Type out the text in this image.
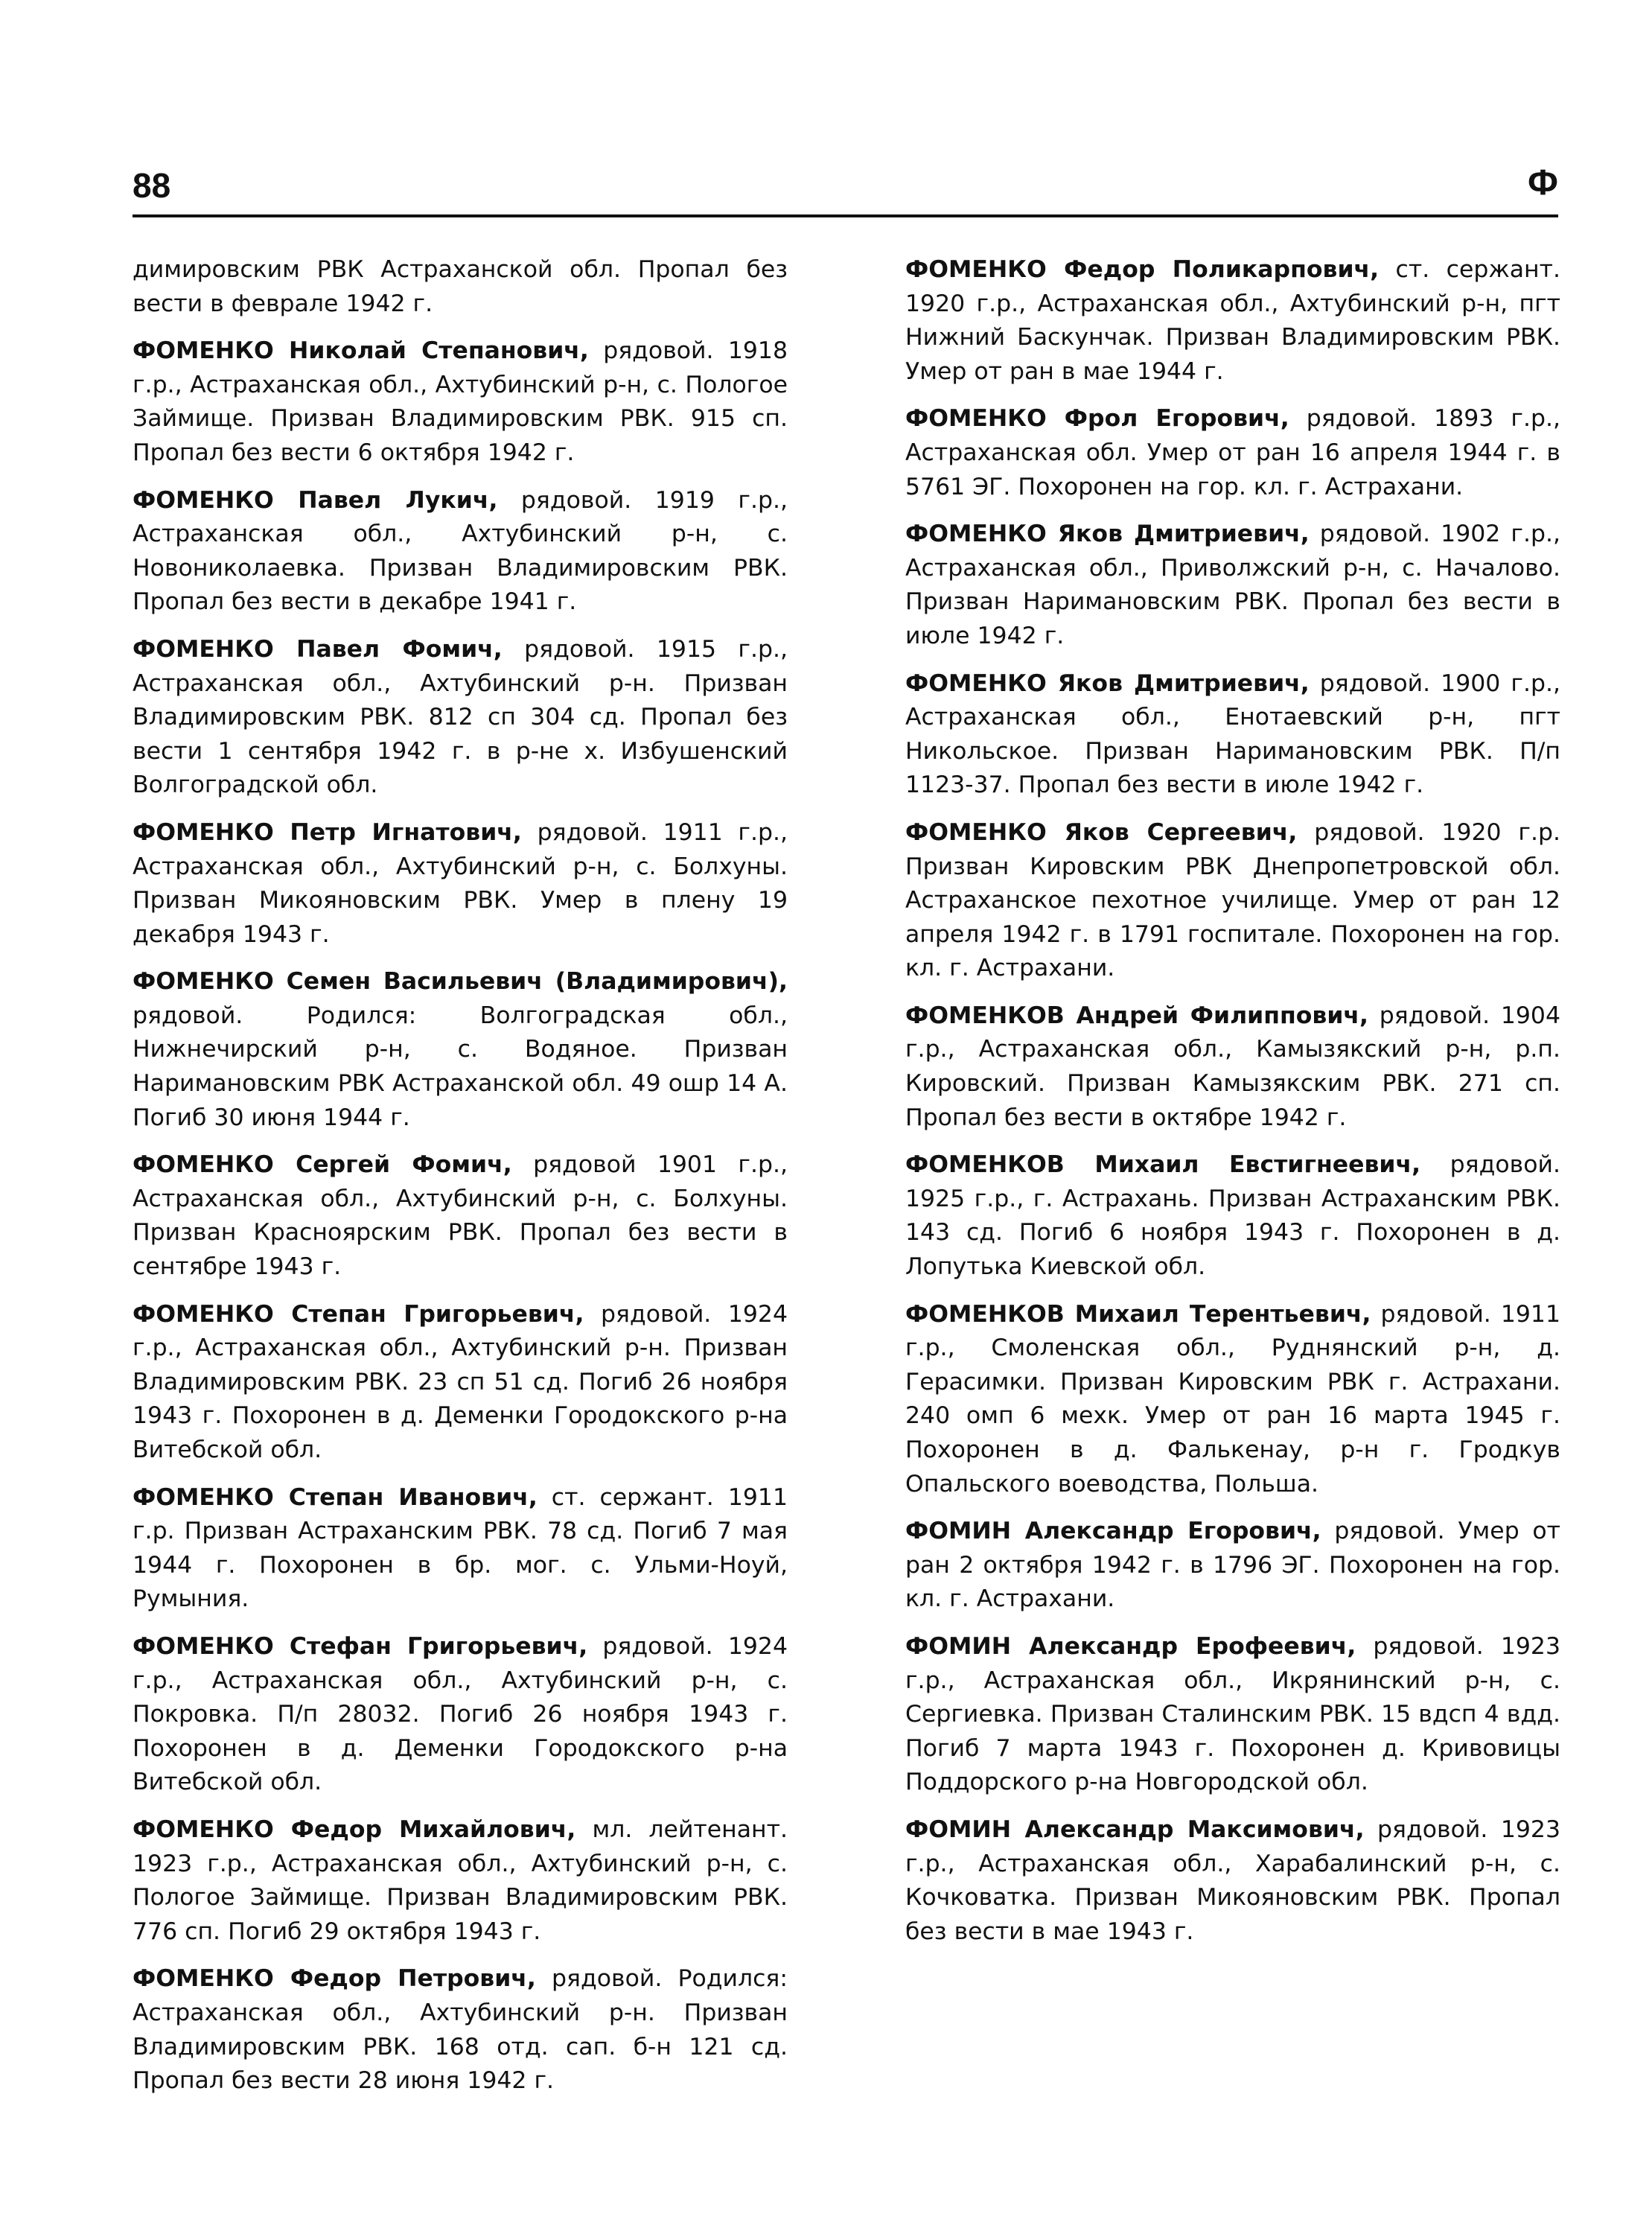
88	Ф

димировским РВК Астраханской обл. Пропал без вести в феврале 1942 г.

ФОМЕНКО Николай Степанович, рядовой. 1918 г.р., Астраханская обл., Ахтубинский р-н, с. Пологое Займище. Призван Владимировским РВК. 915 сп. Пропал без вести 6 октября 1942 г.

ФОМЕНКО Павел Лукич, рядовой. 1919 г.р., Астраханская обл., Ахтубинский р-н, с. Новониколаевка. Призван Владимировским РВК. Пропал без вести в декабре 1941 г.

ФОМЕНКО Павел Фомич, рядовой. 1915 г.р., Астраханская обл., Ахтубинский р-н. Призван Владимировским РВК. 812 сп 304 сд. Пропал без вести 1 сентября 1942 г. в р-не х. Избушенский Волгоградской обл.

ФОМЕНКО Петр Игнатович, рядовой. 1911 г.р., Астраханская обл., Ахтубинский р-н, с. Болхуны. Призван Микояновским РВК. Умер в плену 19 декабря 1943 г.

ФОМЕНКО Семен Васильевич (Владимирович), рядовой. Родился: Волгоградская обл., Нижнечирский р-н, с. Водяное. Призван Наримановским РВК Астраханской обл. 49 ошр 14 А. Погиб 30 июня 1944 г.

ФОМЕНКО Сергей Фомич, рядовой 1901 г.р., Астраханская обл., Ахтубинский р-н, с. Болхуны. Призван Красноярским РВК. Пропал без вести в сентябре 1943 г.

ФОМЕНКО Степан Григорьевич, рядовой. 1924 г.р., Астраханская обл., Ахтубинский р-н. Призван Владимировским РВК. 23 сп 51 сд. Погиб 26 ноября 1943 г. Похоронен в д. Деменки Городокского р-на Витебской обл.

ФОМЕНКО Степан Иванович, ст. сержант. 1911 г.р. Призван Астраханским РВК. 78 сд. Погиб 7 мая 1944 г. Похоронен в бр. мог. с. Ульми-Ноуй, Румыния.

ФОМЕНКО Стефан Григорьевич, рядовой. 1924 г.р., Астраханская обл., Ахтубинский р-н, с. Покровка. П/п 28032. Погиб 26 ноября 1943 г. Похоронен в д. Деменки Городокского р-на Витебской обл.

ФОМЕНКО Федор Михайлович, мл. лейтенант. 1923 г.р., Астраханская обл., Ахтубинский р-н, с. Пологое Займище. Призван Владимировским РВК. 776 сп. Погиб 29 октября 1943 г.

ФОМЕНКО Федор Петрович, рядовой. Родился: Астраханская обл., Ахтубинский р-н. Призван Владимировским РВК. 168 отд. сап. б-н 121 сд. Пропал без вести 28 июня 1942 г.

ФОМЕНКО Федор Поликарпович, ст. сержант. 1920 г.р., Астраханская обл., Ахтубинский р-н, пгт Нижний Баскунчак. Призван Владимировским РВК. Умер от ран в мае 1944 г.

ФОМЕНКО Фрол Егорович, рядовой. 1893 г.р., Астраханская обл. Умер от ран 16 апреля 1944 г. в 5761 ЭГ. Похоронен на гор. кл. г. Астрахани.

ФОМЕНКО Яков Дмитриевич, рядовой. 1902 г.р., Астраханская обл., Приволжский р-н, с. Началово. Призван Наримановским РВК. Пропал без вести в июле 1942 г.

ФОМЕНКО Яков Дмитриевич, рядовой. 1900 г.р., Астраханская обл., Енотаевский р-н, пгт Никольское. Призван Наримановским РВК. П/п 1123-37. Пропал без вести в июле 1942 г.

ФОМЕНКО Яков Сергеевич, рядовой. 1920 г.р. Призван Кировским РВК Днепропетровской обл. Астраханское пехотное училище. Умер от ран 12 апреля 1942 г. в 1791 госпитале. Похоронен на гор. кл. г. Астрахани.

ФОМЕНКОВ Андрей Филиппович, рядовой. 1904 г.р., Астраханская обл., Камызякский р-н, р.п. Кировский. Призван Камызякским РВК. 271 сп. Пропал без вести в октябре 1942 г.

ФОМЕНКОВ Михаил Евстигнеевич, рядовой. 1925 г.р., г. Астрахань. Призван Астраханским РВК. 143 сд. Погиб 6 ноября 1943 г. Похоронен в д. Лопутька Киевской обл.

ФОМЕНКОВ Михаил Терентьевич, рядовой. 1911 г.р., Смоленская обл., Руднянский р-н, д. Герасимки. Призван Кировским РВК г. Астрахани. 240 омп 6 мехк. Умер от ран 16 марта 1945 г. Похоронен в д. Фалькенау, р-н г. Гродкув Опальского воеводства, Польша.

ФОМИН Александр Егорович, рядовой. Умер от ран 2 октября 1942 г. в 1796 ЭГ. Похоронен на гор. кл. г. Астрахани.

ФОМИН Александр Ерофеевич, рядовой. 1923 г.р., Астраханская обл., Икрянинский р-н, с. Сергиевка. Призван Сталинским РВК. 15 вдсп 4 вдд. Погиб 7 марта 1943 г. Похоронен д. Кривовицы Поддорского р-на Новгородской обл.

ФОМИН Александр Максимович, рядовой. 1923 г.р., Астраханская обл., Харабалинский р-н, с. Кочковатка. Призван Микояновским РВК. Пропал без вести в мае 1943 г.
